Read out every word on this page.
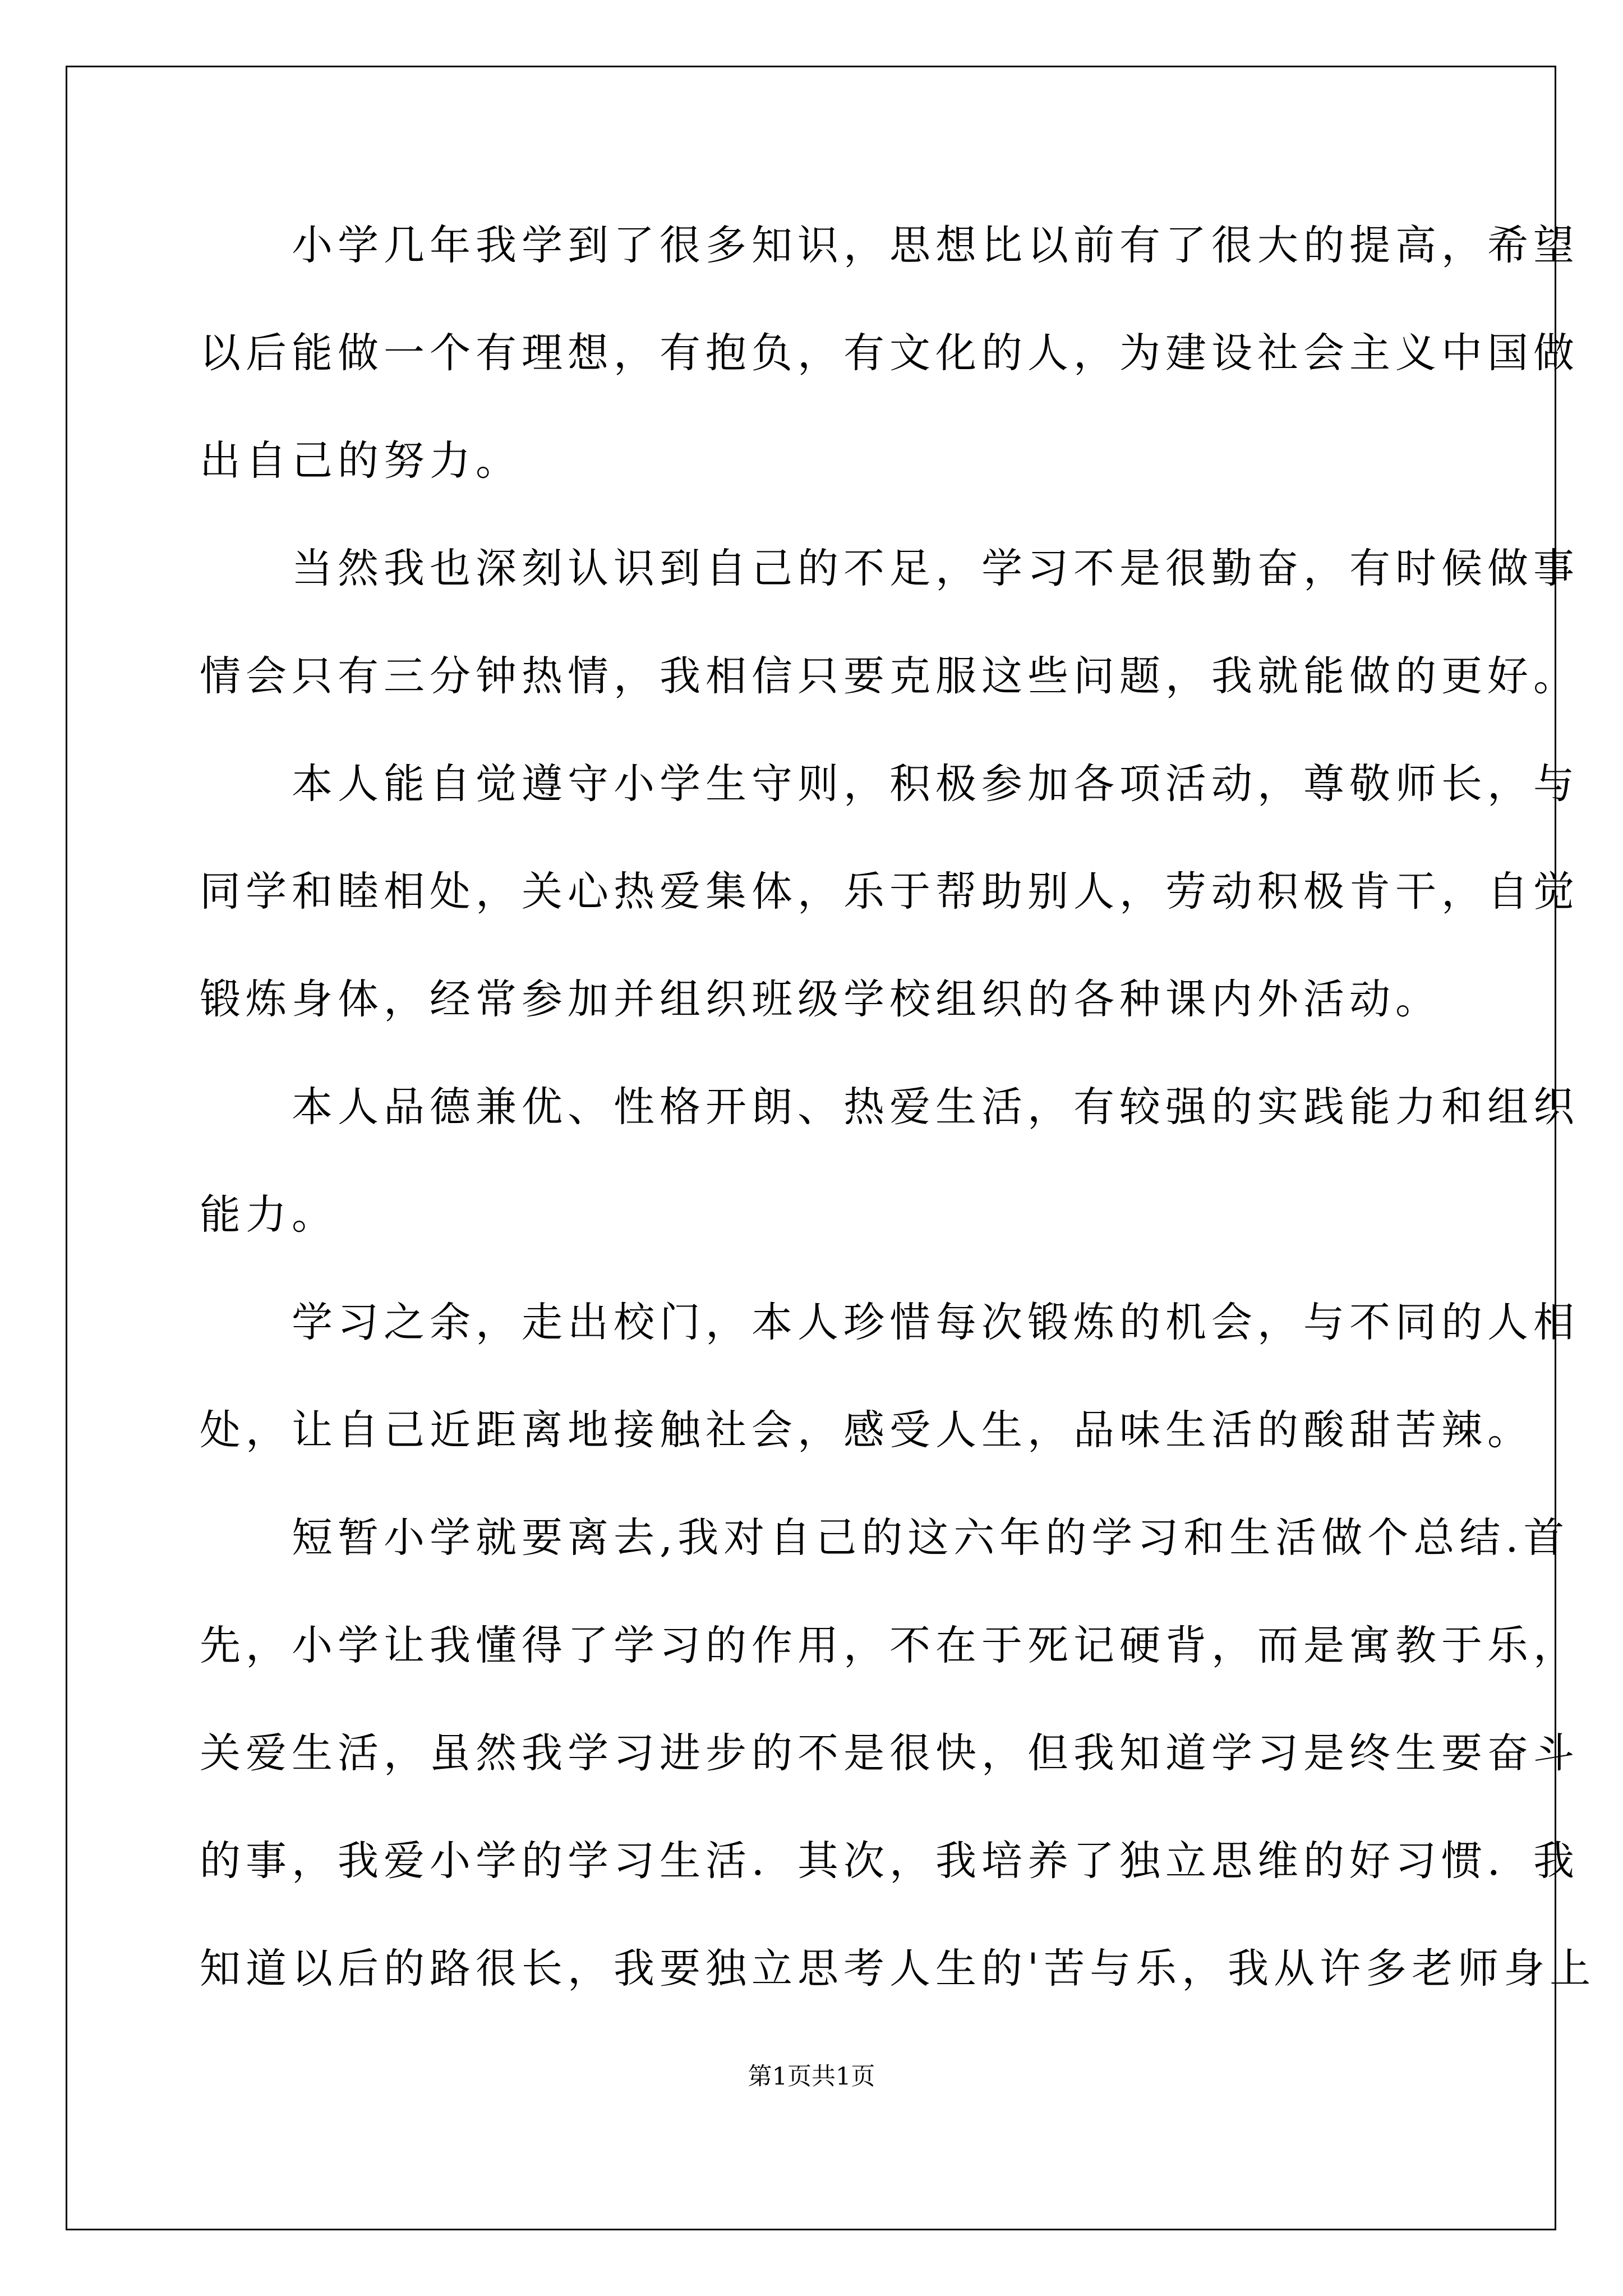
　　小学几年我学到了很多知识，思想比以前有了很大的提高，希望
以后能做一个有理想，有抱负，有文化的人，为建设社会主义中国做
出自己的努力。
　　当然我也深刻认识到自己的不足，学习不是很勤奋，有时候做事
情会只有三分钟热情，我相信只要克服这些问题，我就能做的更好。
　　本人能自觉遵守小学生守则，积极参加各项活动，尊敬师长，与
同学和睦相处，关心热爱集体，乐于帮助别人，劳动积极肯干，自觉
锻炼身体，经常参加并组织班级学校组织的各种课内外活动。
　　本人品德兼优、性格开朗、热爱生活，有较强的实践能力和组织
能力。
　　学习之余，走出校门，本人珍惜每次锻炼的机会，与不同的人相
处，让自己近距离地接触社会，感受人生，品味生活的酸甜苦辣。
　　短暂小学就要离去,我对自己的这六年的学习和生活做个总结.首
先，小学让我懂得了学习的作用，不在于死记硬背，而是寓教于乐，
关爱生活，虽然我学习进步的不是很快，但我知道学习是终生要奋斗
的事，我爱小学的学习生活．其次，我培养了独立思维的好习惯．我
知道以后的路很长，我要独立思考人生的'苦与乐，我从许多老师身上
第1页共1页
